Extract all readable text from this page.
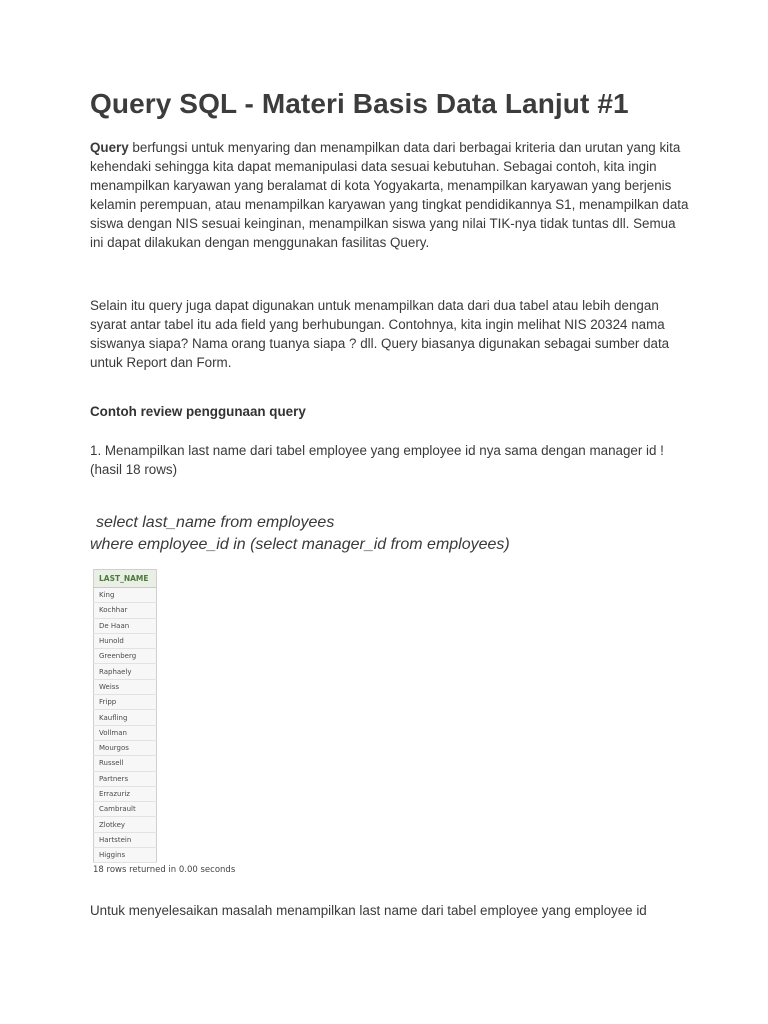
Query SQL - Materi Basis Data Lanjut #1

Query berfungsi untuk menyaring dan menampilkan data dari berbagai kriteria dan urutan yang kita kehendaki sehingga kita dapat memanipulasi data sesuai kebutuhan. Sebagai contoh, kita ingin menampilkan karyawan yang beralamat di kota Yogyakarta, menampilkan karyawan yang berjenis kelamin perempuan, atau menampilkan karyawan yang tingkat pendidikannya S1, menampilkan data siswa dengan NIS sesuai keinginan, menampilkan siswa yang nilai TIK-nya tidak tuntas dll. Semua ini dapat dilakukan dengan menggunakan fasilitas Query.

Selain itu query juga dapat digunakan untuk menampilkan data dari dua tabel atau lebih dengan syarat antar tabel itu ada field yang berhubungan. Contohnya, kita ingin melihat NIS 20324 nama siswanya siapa? Nama orang tuanya siapa ? dll. Query biasanya digunakan sebagai sumber data untuk Report dan Form.

Contoh review penggunaan query

1. Menampilkan last name dari tabel employee yang employee id nya sama dengan manager id ! (hasil 18 rows)

select last_name from employees
where employee_id in (select manager_id from employees)
LAST_NAME
King
Kochhar
De Haan
Hunold
Greenberg
Raphaely
Weiss
Fripp
Kaufling
Vollman
Mourgos
Russell
Partners
Errazuriz
Cambrault
Zlotkey
Hartstein
Higgins
18 rows returned in 0.00 seconds

Untuk menyelesaikan masalah menampilkan last name dari tabel employee yang employee id
